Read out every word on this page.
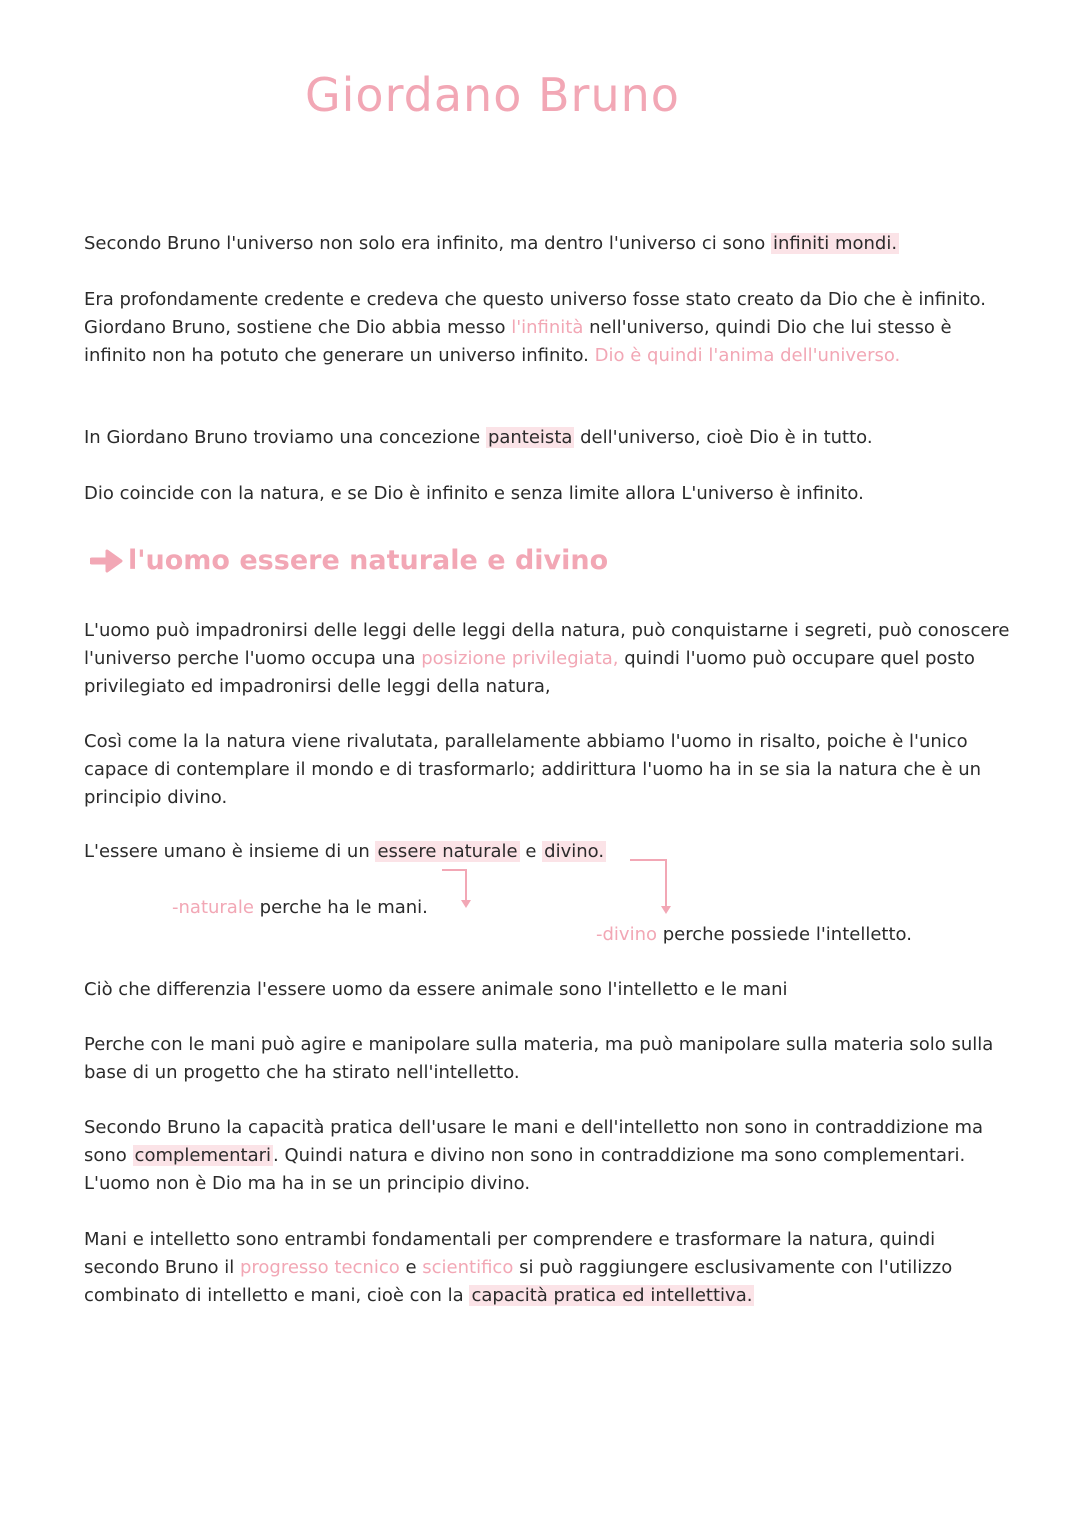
Giordano Bruno

Secondo Bruno l'universo non solo era infinito, ma dentro l'universo ci sono infiniti mondi.

Era profondamente credente e credeva che questo universo fosse stato creato da Dio che è infinito.
Giordano Bruno, sostiene che Dio abbia messo l'infinità nell'universo, quindi Dio che lui stesso è infinito non ha potuto che generare un universo infinito. Dio è quindi l'anima dell'universo.

In Giordano Bruno troviamo una concezione panteista dell'universo, cioè Dio è in tutto.

Dio coincide con la natura, e se Dio è infinito e senza limite allora L'universo è infinito.

l'uomo essere naturale e divino

L'uomo può impadronirsi delle leggi delle leggi della natura, può conquistarne i segreti, può conoscere l'universo perche l'uomo occupa una posizione privilegiata, quindi l'uomo può occupare quel posto privilegiato ed impadronirsi delle leggi della natura,

Così come la la natura viene rivalutata, parallelamente abbiamo l'uomo in risalto, poiche è l'unico capace di contemplare il mondo e di trasformarlo; addirittura l'uomo ha in se sia la natura che è un principio divino.

L'essere umano è insieme di un essere naturale e divino.

-naturale perche ha le mani.

-divino perche possiede l'intelletto.

Ciò che differenzia l'essere uomo da essere animale sono l'intelletto e le mani

Perche con le mani può agire e manipolare sulla materia, ma può manipolare sulla materia solo sulla base di un progetto che ha stirato nell'intelletto.

Secondo Bruno la capacità pratica dell'usare le mani e dell'intelletto non sono in contraddizione ma sono complementari . Quindi natura e divino non sono in contraddizione ma sono complementari. L'uomo non è Dio ma ha in se un principio divino.

Mani e intelletto sono entrambi fondamentali per comprendere e trasformare la natura, quindi secondo Bruno il progresso tecnico e scientifico si può raggiungere esclusivamente con l'utilizzo combinato di intelletto e mani, cioè con la capacità pratica ed intellettiva.
